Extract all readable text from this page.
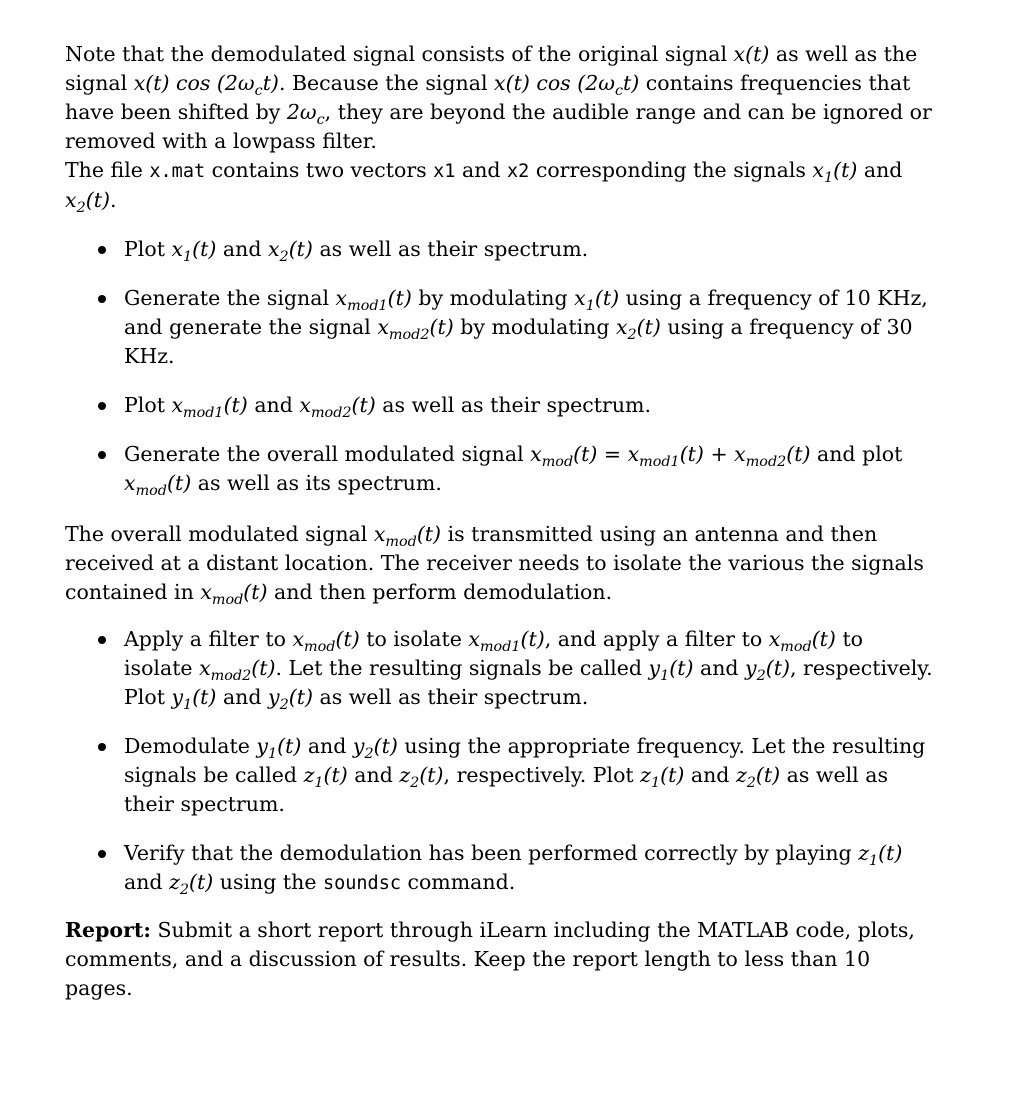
Note that the demodulated signal consists of the original signal x(t) as well as the signal x(t) $\cos (2\omega_ct)$. Because the signal x(t) $\cos (2\omega_ct)$ contains frequencies that have been shifted by $2\omega_c$, they are beyond the audible range and can be ignored or removed with a lowpass filter.

The file x.mat contains two vectors x1 and x2 corresponding the signals $x_1(t)$ and $x_2(t)$.

Plot $x_1(t)$ and $x_2(t)$ as well as their spectrum.
Generate the signal $x_{mod1}(t)$ by modulating $x_1(t)$ using a frequency of 10 KHz, and generate the signal $x_{mod2}(t)$ by modulating $x_2(t)$ using a frequency of 30 KHz.
Plot $x_{mod1}(t)$ and $x_{mod2}(t)$ as well as their spectrum.
Generate the overall modulated signal $x_{mod}(t) = x_{mod1}(t) + x_{mod2}(t)$ and plot $x_{mod}(t)$ as well as its spectrum.

The overall modulated signal $x_{mod}(t)$ is transmitted using an antenna and then received at a distant location. The receiver needs to isolate the various the signals contained in $x_{mod}(t)$ and then perform demodulation.

Apply a filter to $x_{mod}(t)$ to isolate $x_{mod1}(t)$, and apply a filter to $x_{mod}(t)$ to isolate $x_{mod2}(t)$. Let the resulting signals be called $y_1(t)$ and $y_2(t)$, respectively. Plot $y_1(t)$ and $y_2(t)$ as well as their spectrum.
Demodulate $y_1(t)$ and $y_2(t)$ using the appropriate frequency. Let the resulting signals be called $z_1(t)$ and $z_2(t)$, respectively. Plot $z_1(t)$ and $z_2(t)$ as well as their spectrum.
Verify that the demodulation has been performed correctly by playing $z_1(t)$ and $z_2(t)$ using the soundsc command.

Report: Submit a short report through iLearn including the MATLAB code, plots, comments, and a discussion of results. Keep the report length to less than 10 pages.
